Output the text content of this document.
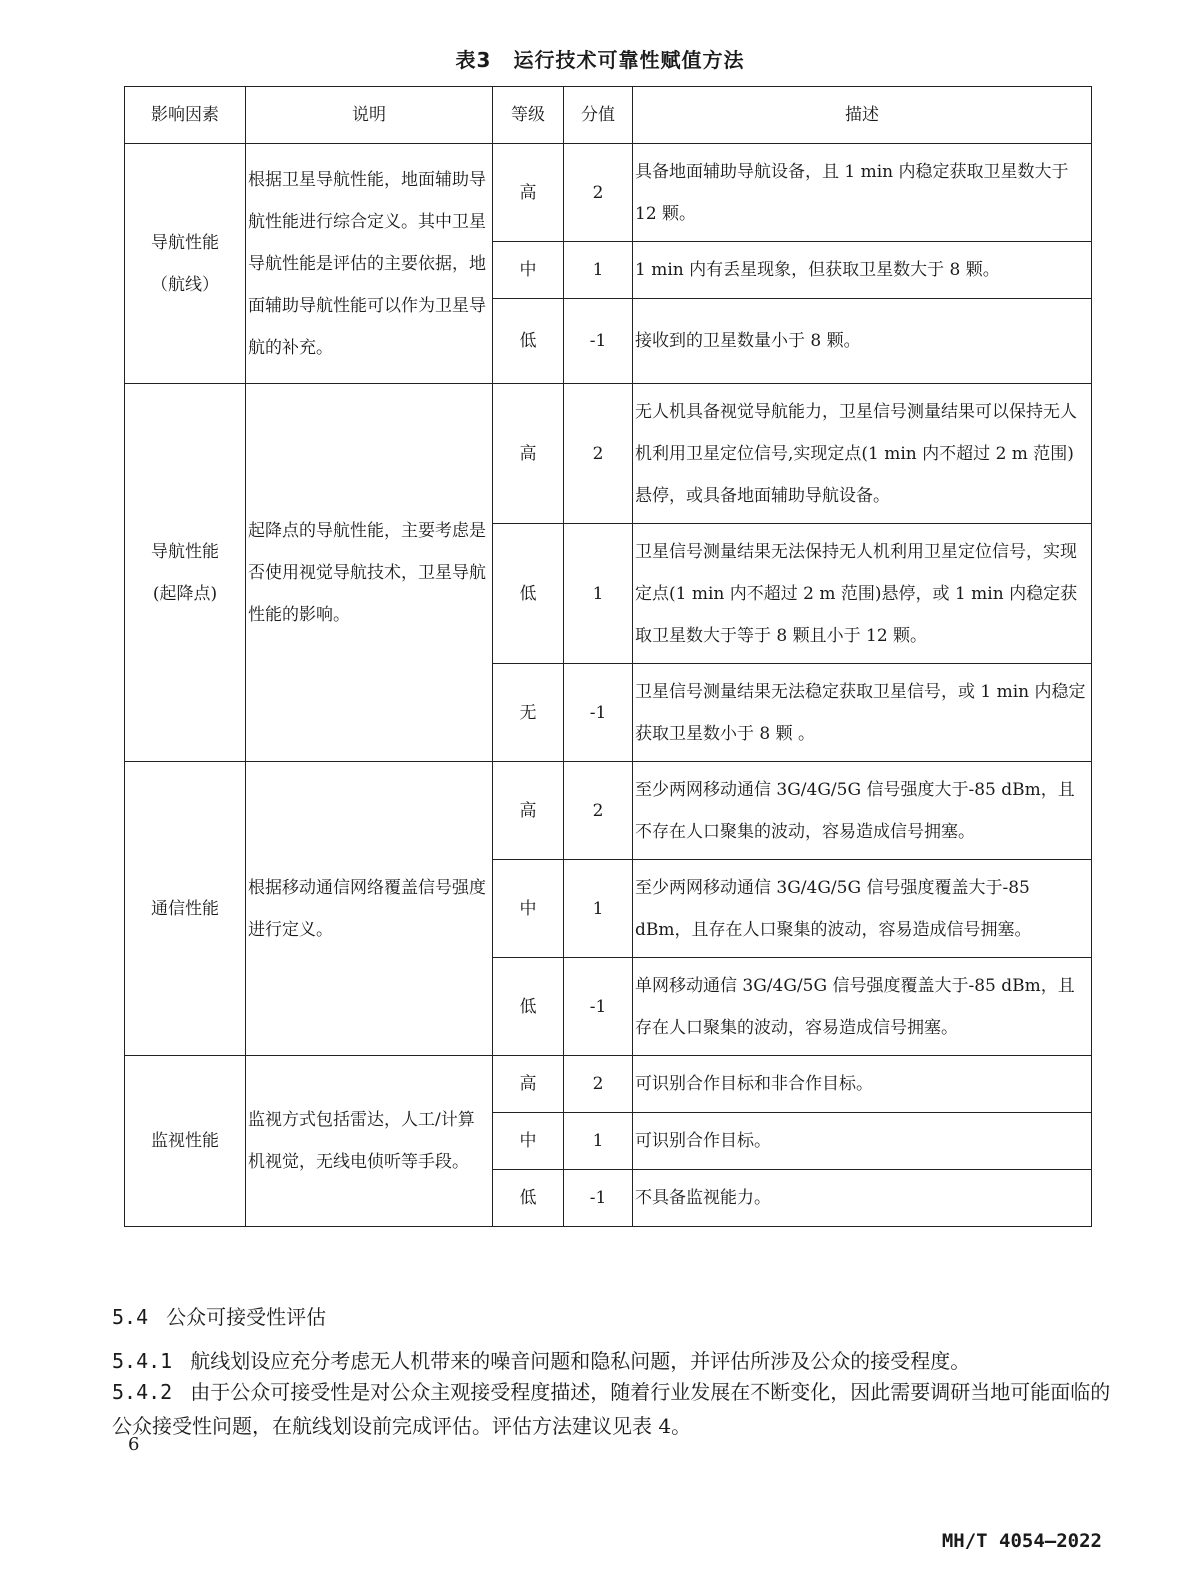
表3 运行技术可靠性赋值方法
影响因素	说明	等级	分值	描述

导航性能
（航线）	根据卫星导航性能，地面辅助导航性能进行综合定义。其中卫星导航性能是评估的主要依据，地面辅助导航性能可以作为卫星导航的补充。	高	2	具备地面辅助导航设备，且 1 min 内稳定获取卫星数大于 12 颗。
		中	1	1 min 内有丢星现象，但获取卫星数大于 8 颗。
		低	-1	接收到的卫星数量小于 8 颗。

导航性能
(起降点)	起降点的导航性能，主要考虑是否使用视觉导航技术，卫星导航性能的影响。	高	2	无人机具备视觉导航能力，卫星信号测量结果可以保持无人机利用卫星定位信号,实现定点(1 min 内不超过 2 m 范围)悬停，或具备地面辅助导航设备。
		低	1	卫星信号测量结果无法保持无人机利用卫星定位信号，实现定点(1 min 内不超过 2 m 范围)悬停，或 1 min 内稳定获取卫星数大于等于 8 颗且小于 12 颗。
		无	-1	卫星信号测量结果无法稳定获取卫星信号，或 1 min 内稳定获取卫星数小于 8 颗 。

通信性能	根据移动通信网络覆盖信号强度进行定义。	高	2	至少两网移动通信 3G/4G/5G 信号强度大于-85 dBm，且不存在人口聚集的波动，容易造成信号拥塞。
		中	1	至少两网移动通信 3G/4G/5G 信号强度覆盖大于-85 dBm，且存在人口聚集的波动，容易造成信号拥塞。
		低	-1	单网移动通信 3G/4G/5G 信号强度覆盖大于-85 dBm，且存在人口聚集的波动，容易造成信号拥塞。

监视性能	监视方式包括雷达，人工/计算机视觉，无线电侦听等手段。	高	2	可识别合作目标和非合作目标。
		中	1	可识别合作目标。
		低	-1	不具备监视能力。
5.4 公众可接受性评估
5.4.1 航线划设应充分考虑无人机带来的噪音问题和隐私问题，并评估所涉及公众的接受程度。
5.4.2 由于公众可接受性是对公众主观接受程度描述，随着行业发展在不断变化，因此需要调研当地可能面临的公众接受性问题，在航线划设前完成评估。评估方法建议见表 4。
6
MH/T 4054—2022
